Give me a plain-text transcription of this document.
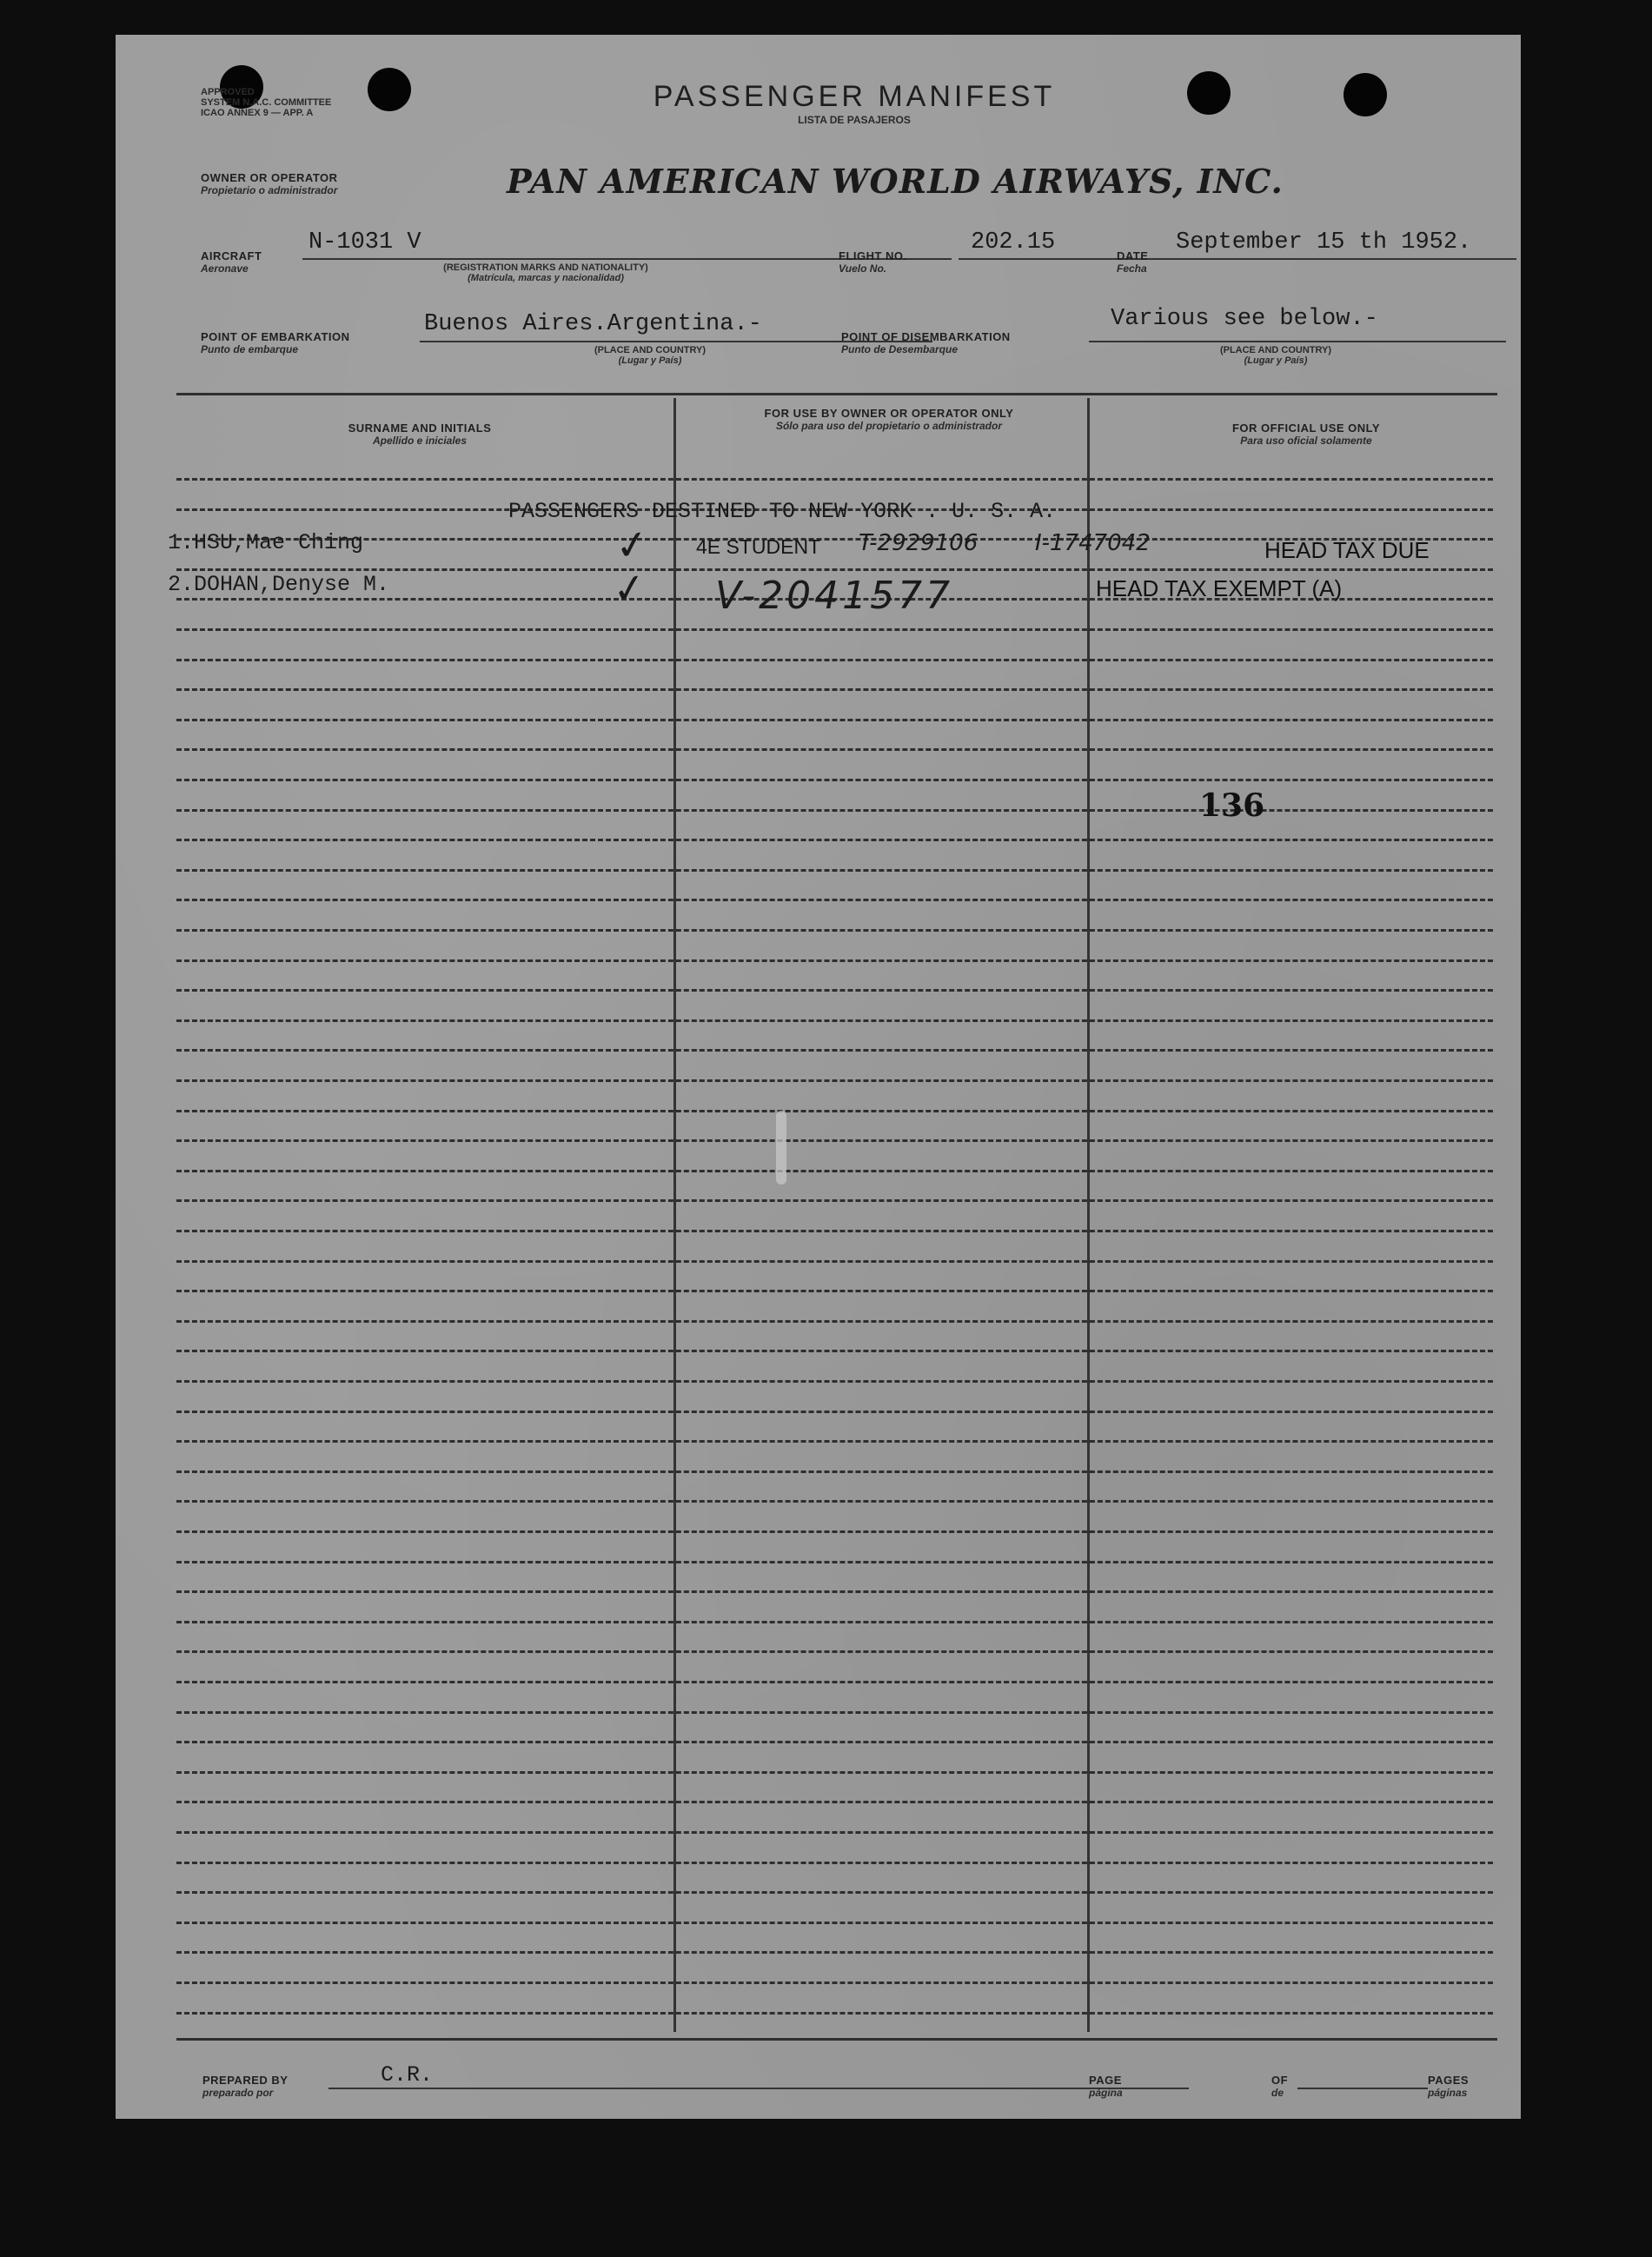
APPROVED
SYSTEM N.A.C. COMMITTEE
ICAO ANNEX 9 — APP. A	PASSENGER MANIFEST
LISTA DE PASAJEROS
OWNER OR OPERATOR
Propietario o administrador	PAN AMERICAN WORLD AIRWAYS, INC.
AIRCRAFT
Aeronave
N-1031 V
(REGISTRATION MARKS AND NATIONALITY)
(Matrícula, marcas y nacionalidad)
FLIGHT NO.
Vuelo No.
202.15
DATE
Fecha
September 15 th 1952.
POINT OF EMBARKATION
Punto de embarque
Buenos Aires.Argentina.-
(PLACE AND COUNTRY)
(Lugar y País)
POINT OF DISEMBARKATION
Punto de Desembarque
Various see below.-
(PLACE AND COUNTRY)
(Lugar y País)
SURNAME AND INITIALS
Apellido e iniciales
FOR USE BY OWNER OR OPERATOR ONLY
Sólo para uso del propietario o administrador	FOR OFFICIAL USE ONLY
Para uso oficial solamente
PASSENGERS DESTINED TO NEW YORK . U. S. A.
1.HSU,Mae Ching	✓ 4E STUDENT T-2929106	I-1747042	HEAD TAX DUE
2.DOHAN,Denyse M.	✓ V-2041577	HEAD TAX EXEMPT (A)
136
PREPARED BY
preparado por
C.R.	PAGE
página
OF
de
PAGES
páginas
